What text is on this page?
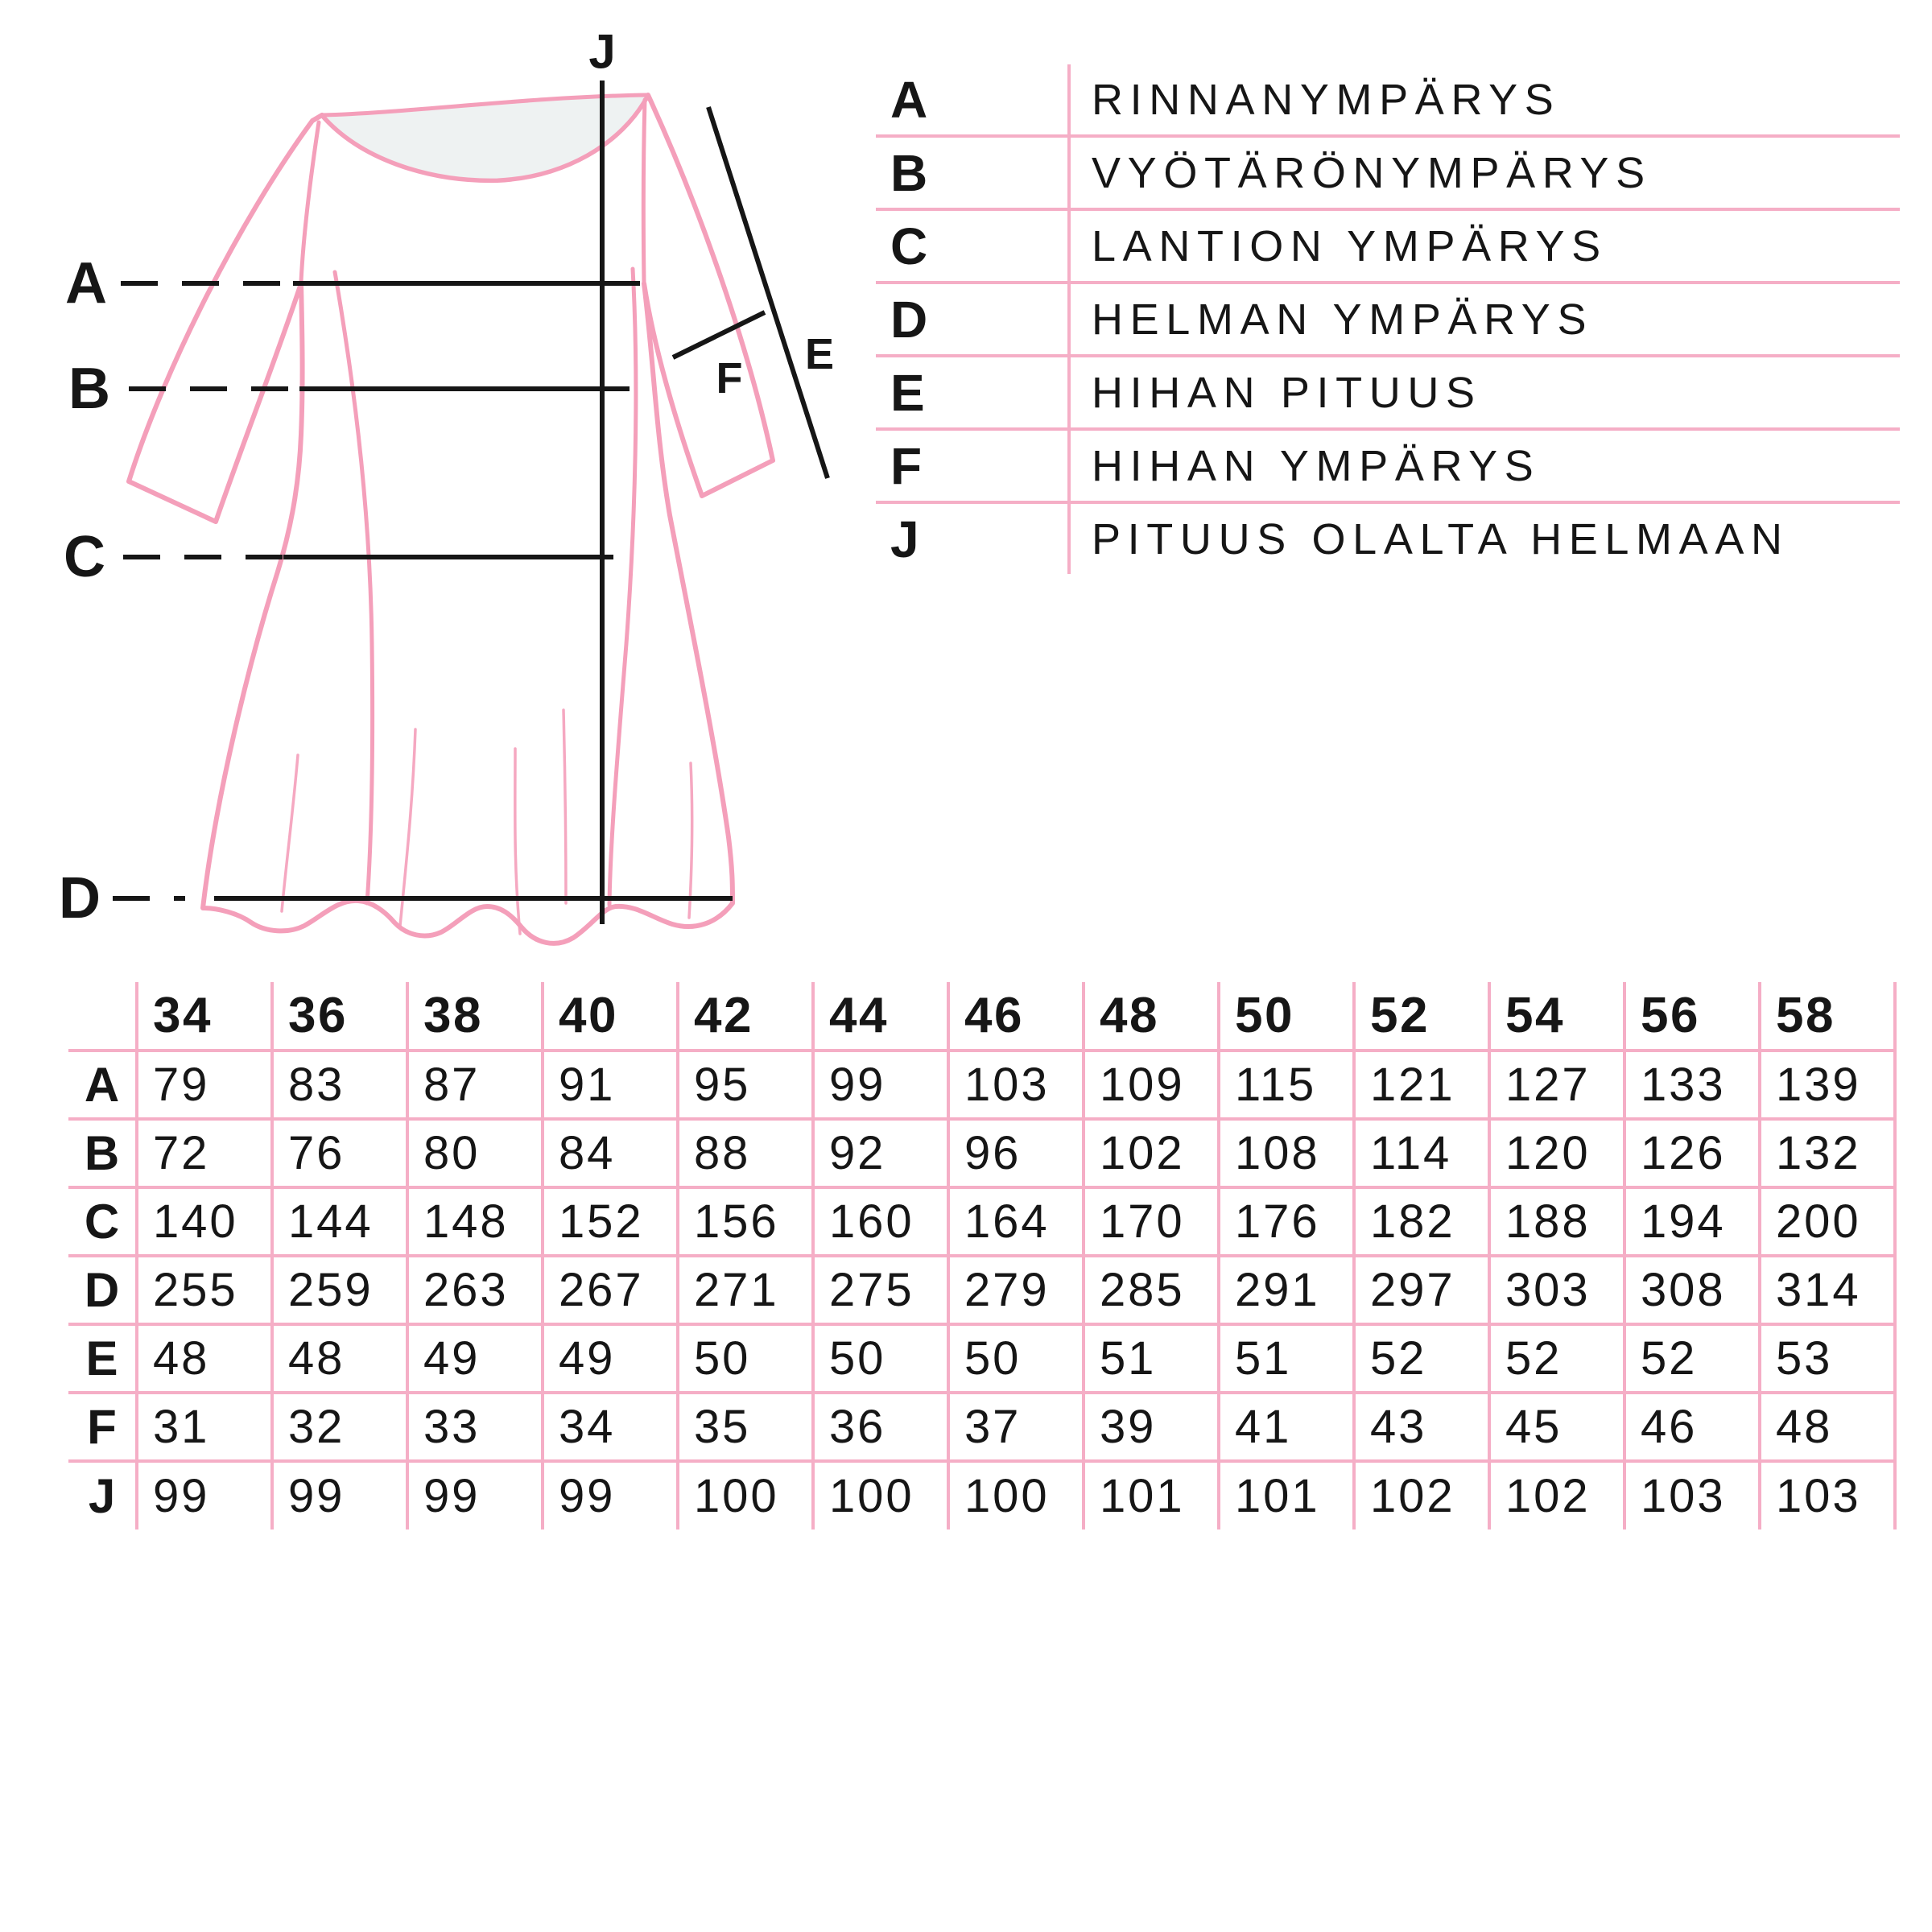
A
B
C
D
J
E
F
A	RINNANYMPÄRYS
B	VYÖTÄRÖNYMPÄRYS
C	LANTION YMPÄRYS
D	HELMAN YMPÄRYS
E	HIHAN PITUUS
F	HIHAN YMPÄRYS
J	PITUUS OLALTA HELMAAN
	34	36	38	40	42	44	46	48	50	52	54	56	58
A	79	83	87	91	95	99	103	109	115	121	127	133	139
B	72	76	80	84	88	92	96	102	108	114	120	126	132
C	140	144	148	152	156	160	164	170	176	182	188	194	200
D	255	259	263	267	271	275	279	285	291	297	303	308	314
E	48	48	49	49	50	50	50	51	51	52	52	52	53
F	31	32	33	34	35	36	37	39	41	43	45	46	48
J	99	99	99	99	100	100	100	101	101	102	102	103	103
